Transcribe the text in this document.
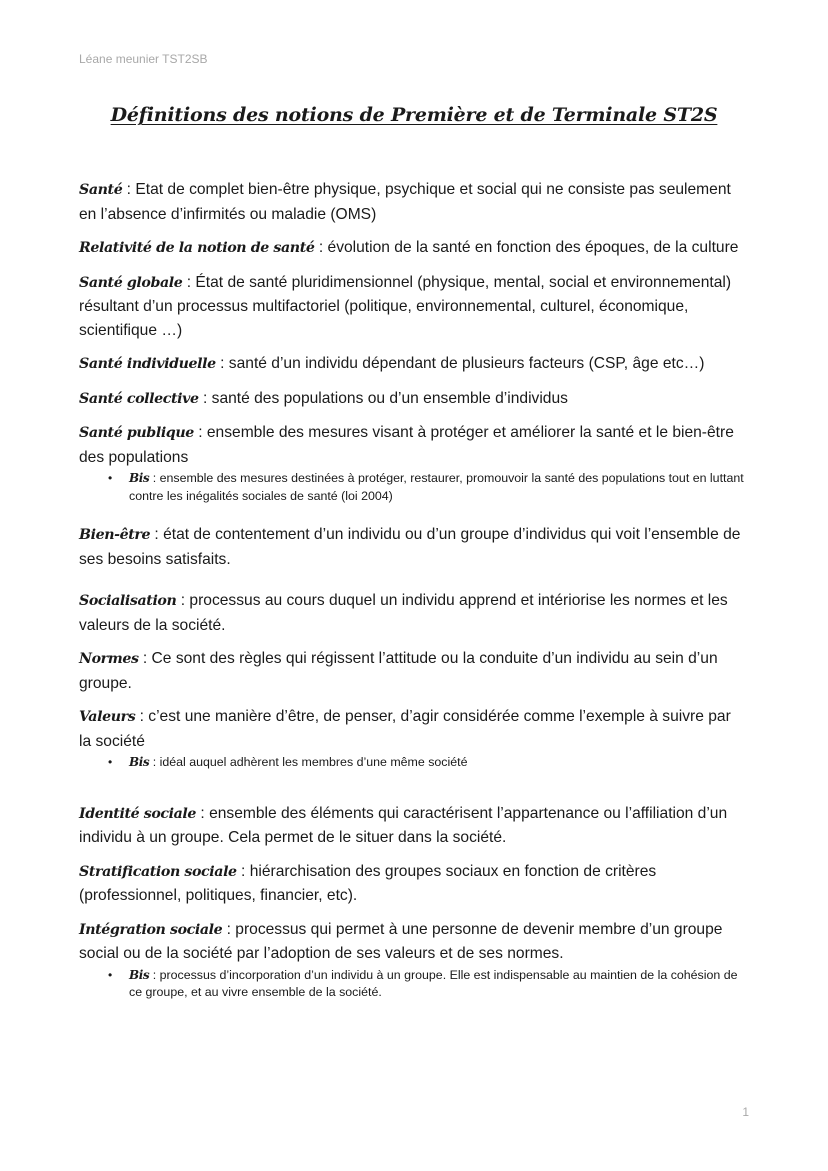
Léane meunier TST2SB
Définitions des notions de Première et de Terminale ST2S
Santé : Etat de complet bien-être physique, psychique et social qui ne consiste pas seulement en l’absence d’infirmités ou maladie (OMS)
Relativité de la notion de santé : évolution de la santé en fonction des époques, de la culture
Santé globale : État de santé pluridimensionnel (physique, mental, social et environnemental) résultant d’un processus multifactoriel (politique, environnemental, culturel, économique, scientifique …)
Santé individuelle : santé d’un individu dépendant de plusieurs facteurs (CSP, âge etc…)
Santé collective : santé des populations ou d’un ensemble d’individus
Santé publique : ensemble des mesures visant à protéger et améliorer la santé et le bien-être des populations
• Bis : ensemble des mesures destinées à protéger, restaurer, promouvoir la santé des populations tout en luttant contre les inégalités sociales de santé (loi 2004)
Bien-être : état de contentement d’un individu ou d’un groupe d’individus qui voit l’ensemble de ses besoins satisfaits.
Socialisation : processus au cours duquel un individu apprend et intériorise les normes et les valeurs de la société.
Normes : Ce sont des règles qui régissent l’attitude ou la conduite d’un individu au sein d’un groupe.
Valeurs : c’est une manière d’être, de penser, d’agir considérée comme l’exemple à suivre par la société
• Bis : idéal auquel adhèrent les membres d’une même société
Identité sociale : ensemble des éléments qui caractérisent l’appartenance ou l’affiliation d’un individu à un groupe. Cela permet de le situer dans la société.
Stratification sociale : hiérarchisation des groupes sociaux en fonction de critères (professionnel, politiques, financier, etc).
Intégration sociale : processus qui permet à une personne de devenir membre d’un groupe social ou de la société par l’adoption de ses valeurs et de ses normes.
• Bis : processus d’incorporation d’un individu à un groupe. Elle est indispensable au maintien de la cohésion de ce groupe, et au vivre ensemble de la société.
1
